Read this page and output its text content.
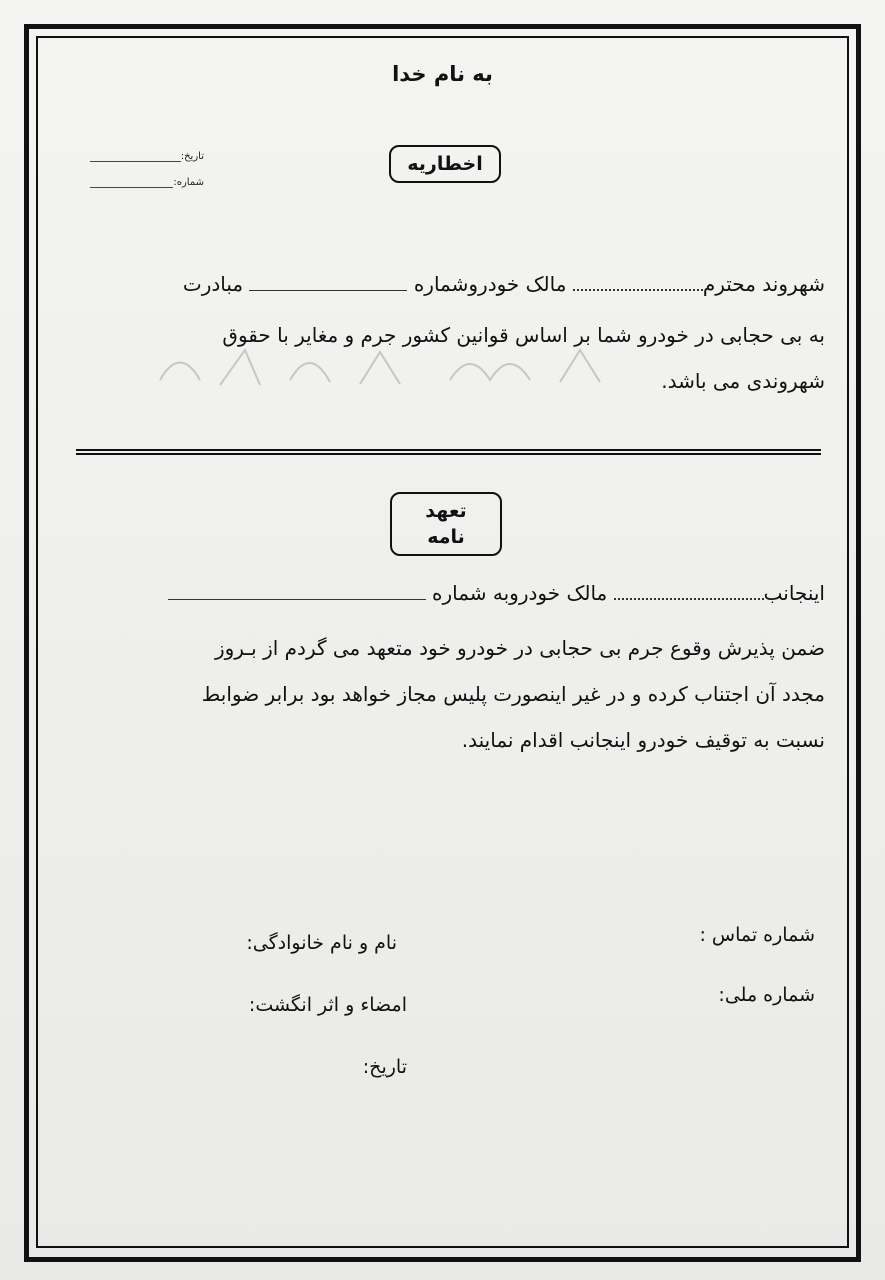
به نام خدا
تاریخ:
شماره:
اخطاریه
شهروند محترم مالک خودروشماره  مبادرت
به بی حجابی در خودرو شما بر اساس قوانین کشور جرم و مغایر با حقوق
شهروندی می باشد.
تعهد نامه
اینجانب مالک خودروبه شماره
ضمن پذیرش وقوع جرم بی حجابی در خودرو خود متعهد می گردم از بـروز
مجدد آن اجتناب کرده و در غیر اینصورت پلیس مجاز خواهد بود برابر ضوابط
نسبت به توقیف خودرو اینجانب اقدام نمایند.
شماره تماس :
نام و نام خانوادگی:
شماره ملی:
امضاء و اثر انگشت:
تاریخ:
